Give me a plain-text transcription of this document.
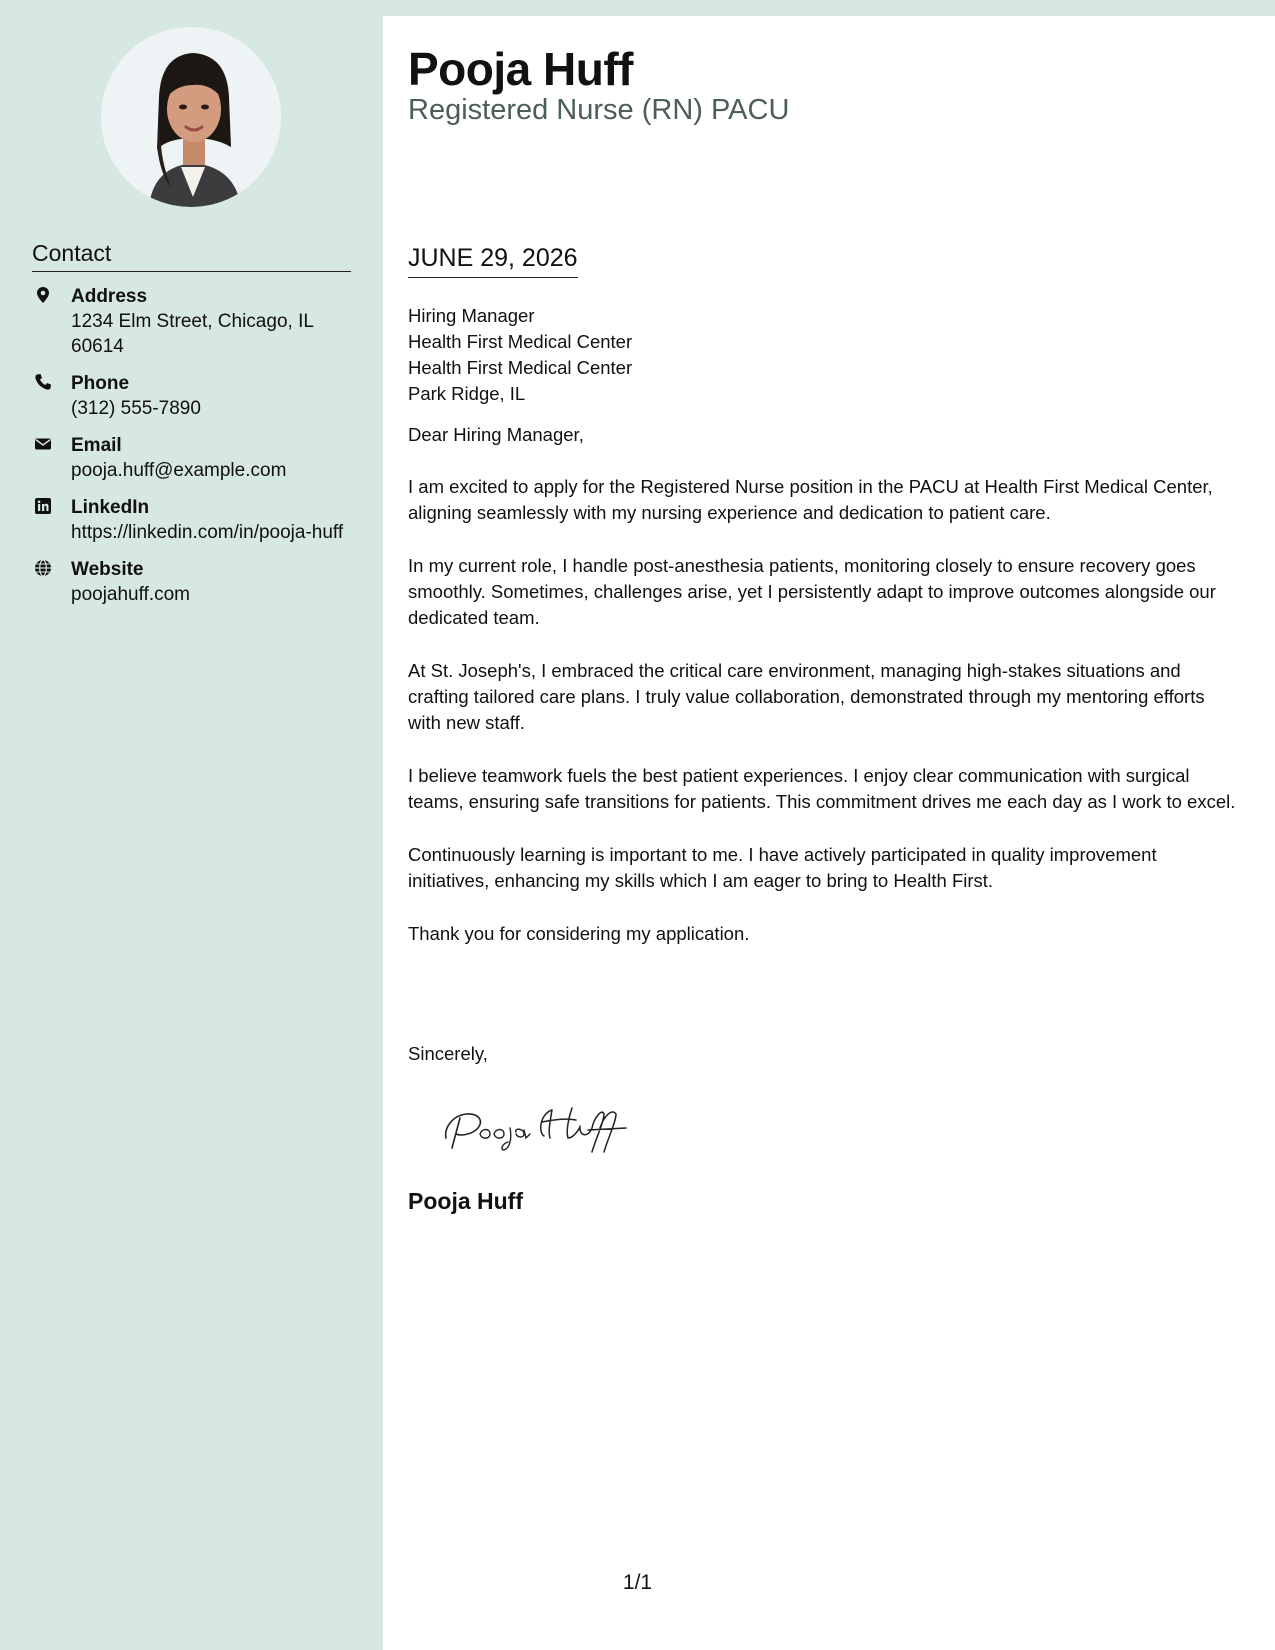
Contact
Address
1234 Elm Street, Chicago, IL 60614
Phone
(312) 555-7890
Email
pooja.huff@example.com
LinkedIn
https://linkedin.com/in/pooja-huff
Website
poojahuff.com
Pooja Huff
Registered Nurse (RN) PACU
JUNE 29, 2026
Hiring Manager
Health First Medical Center
Health First Medical Center
Park Ridge, IL

Dear Hiring Manager,

I am excited to apply for the Registered Nurse position in the PACU at Health First Medical Center, aligning seamlessly with my nursing experience and dedication to patient care.

In my current role, I handle post-anesthesia patients, monitoring closely to ensure recovery goes smoothly. Sometimes, challenges arise, yet I persistently adapt to improve outcomes alongside our dedicated team.

At St. Joseph's, I embraced the critical care environment, managing high-stakes situations and crafting tailored care plans. I truly value collaboration, demonstrated through my mentoring efforts with new staff.

I believe teamwork fuels the best patient experiences. I enjoy clear communication with surgical teams, ensuring safe transitions for patients. This commitment drives me each day as I work to excel.

Continuously learning is important to me. I have actively participated in quality improvement initiatives, enhancing my skills which I am eager to bring to Health First.

Thank you for considering my application.

Sincerely,
Pooja Huff
1/1
